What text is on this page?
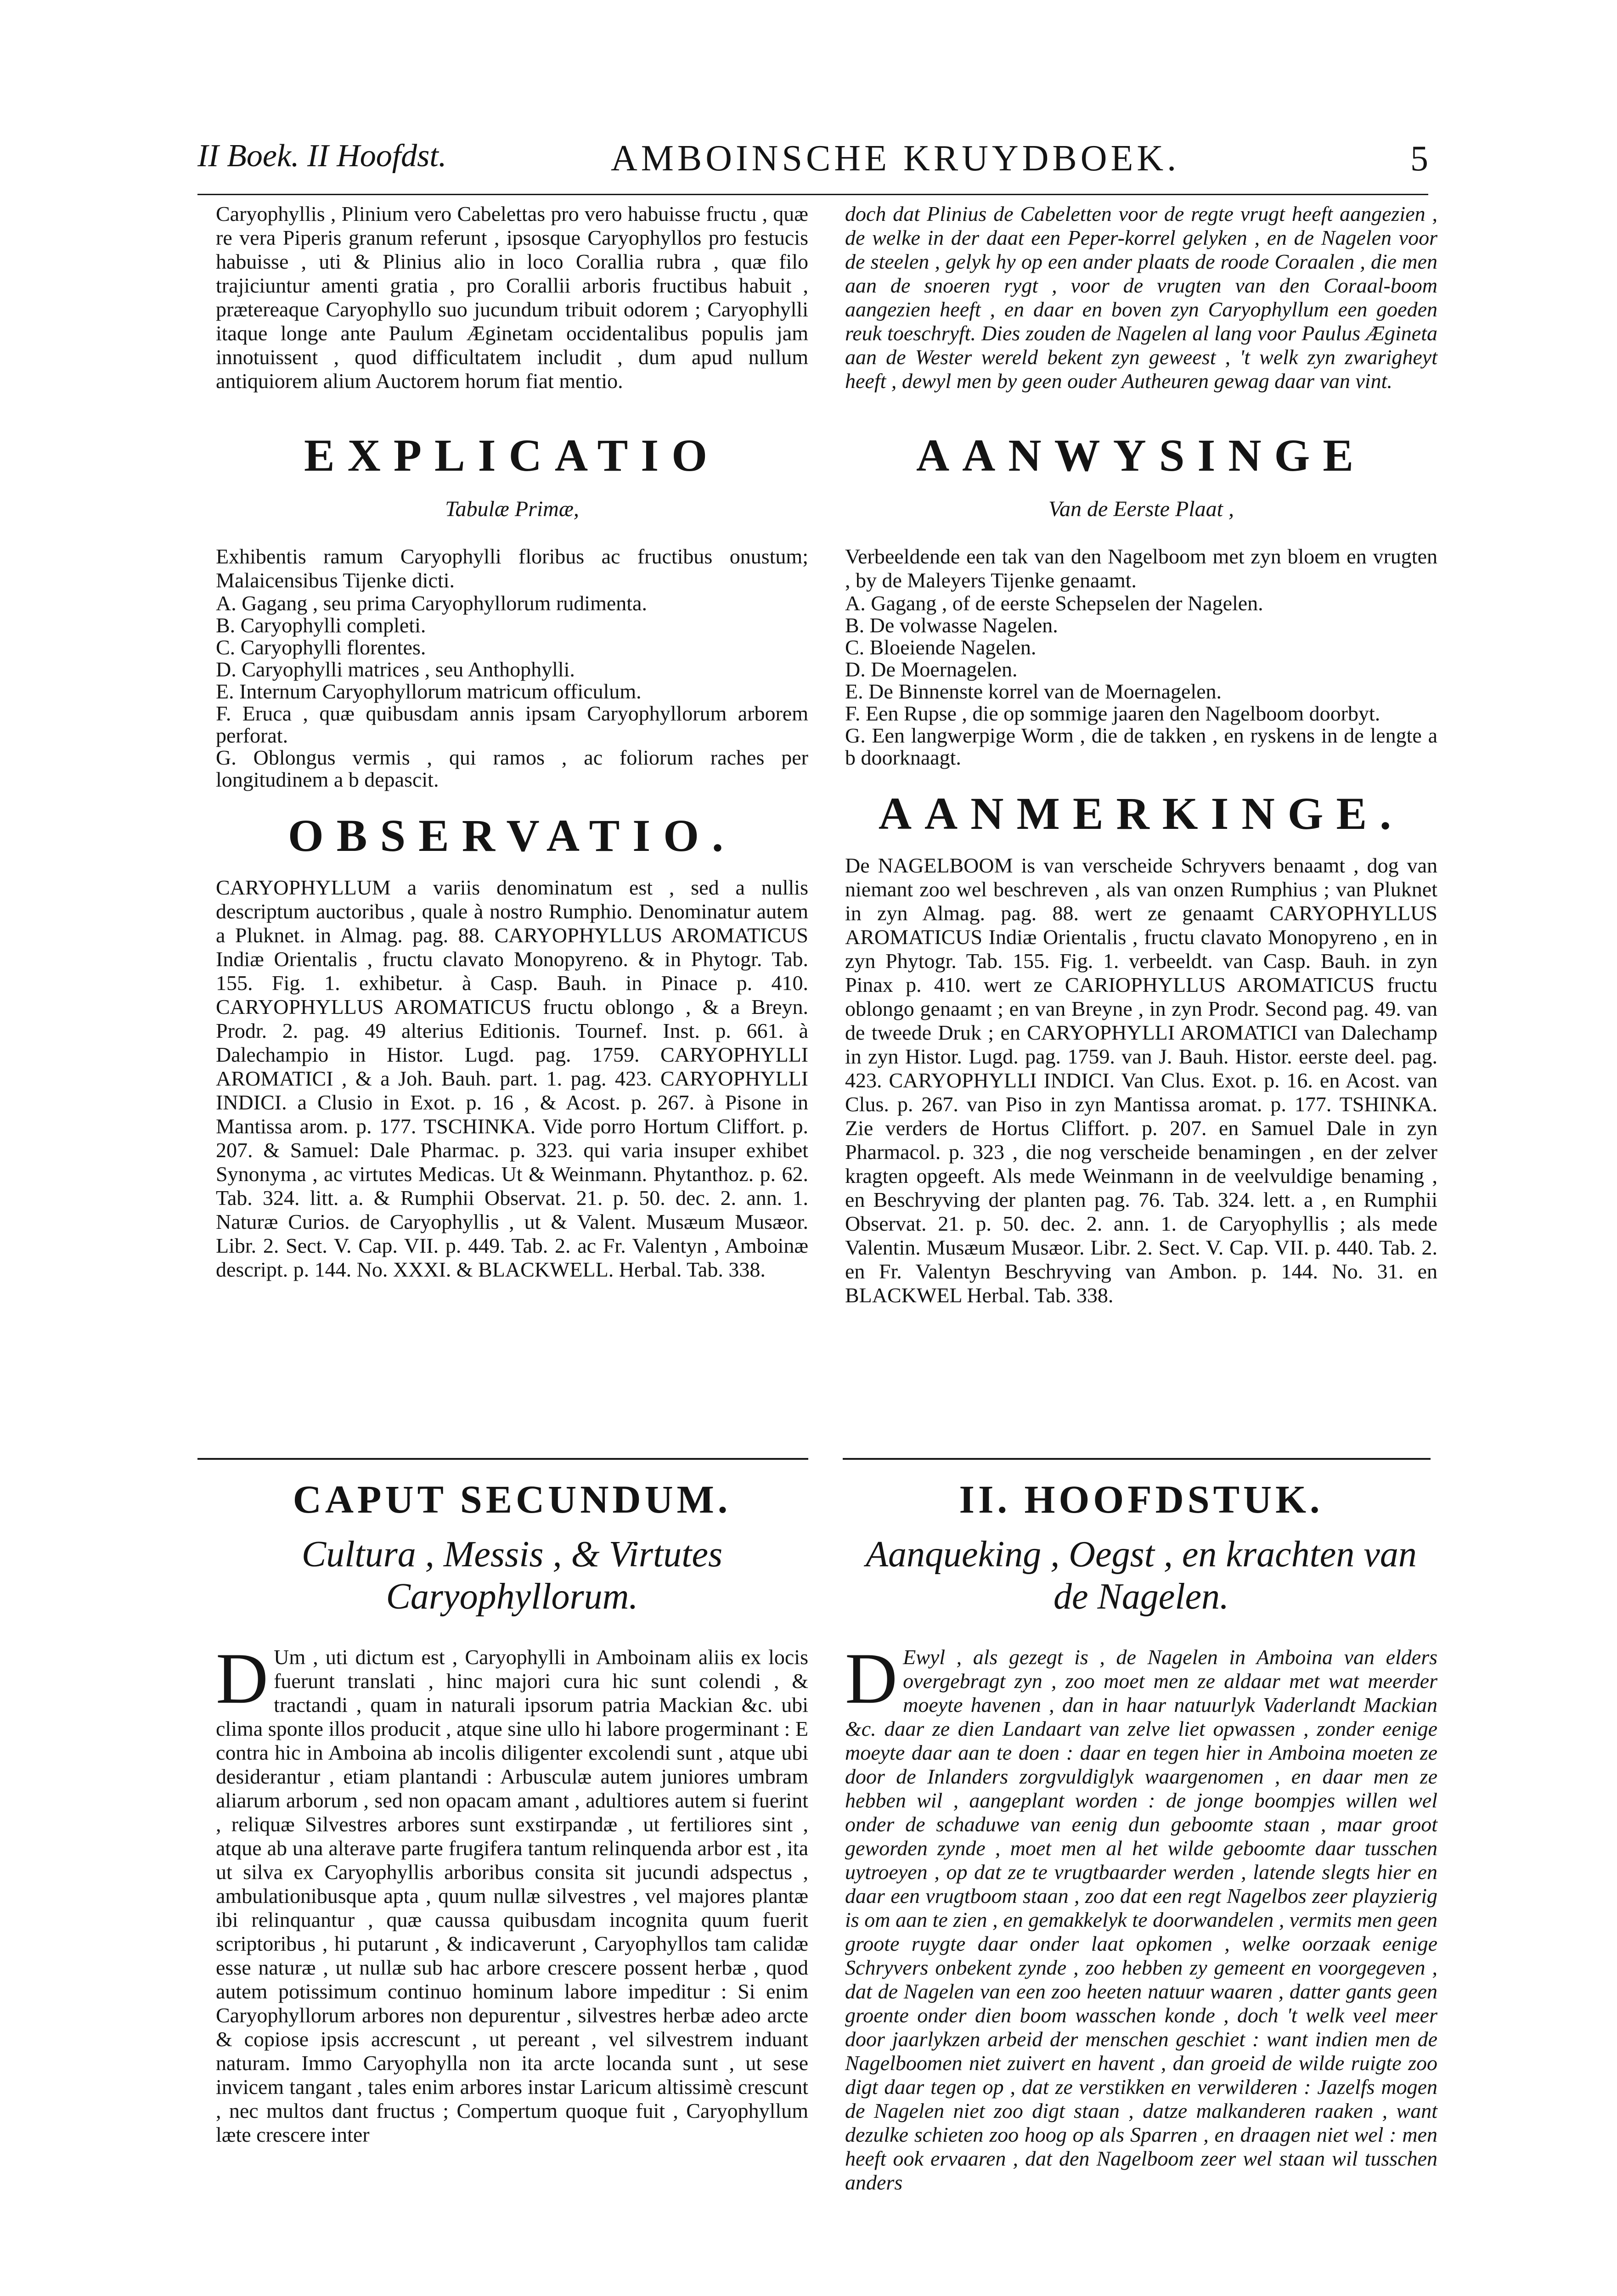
II Boek. II Hoofdst.	AMBOINSCHE KRUYDBOEK.	5

Caryophyllis , Plinium vero Cabelettas pro vero habuisse fructu , quæ re vera Piperis granum referunt , ipsosque Caryophyllos pro festucis habuisse , uti & Plinius alio in loco Corallia rubra , quæ filo trajiciuntur amenti gratia , pro Corallii arboris fructibus habuit , prætereaque Caryophyllo suo jucundum tribuit odorem ; Caryophylli itaque longe ante Paulum Æginetam occidentalibus populis jam innotuissent , quod difficultatem includit , dum apud nullum antiquiorem alium Auctorem horum fiat mentio.

EXPLICATIO

Tabulæ Primæ,

Exhibentis ramum Caryophylli floribus ac fructibus onustum; Malaicensibus Tijenke dicti.

A. Gagang , seu prima Caryophyllorum rudimenta.
B. Caryophylli completi.
C. Caryophylli florentes.
D. Caryophylli matrices , seu Anthophylli.
E. Internum Caryophyllorum matricum officulum.
F. Eruca , quæ quibusdam annis ipsam Caryophyllorum arborem perforat.
G. Oblongus vermis , qui ramos , ac foliorum raches per longitudinem a b depascit.
OBSERVATIO.

CARYOPHYLLUM a variis denominatum est , sed a nullis descriptum auctoribus , quale à nostro Rumphio. Denominatur autem a Pluknet. in Almag. pag. 88. CARYOPHYLLUS AROMATICUS Indiæ Orientalis , fructu clavato Monopyreno. & in Phytogr. Tab. 155. Fig. 1. exhibetur. à Casp. Bauh. in Pinace p. 410. CARYOPHYLLUS AROMATICUS fructu oblongo , & a Breyn. Prodr. 2. pag. 49 alterius Editionis. Tournef. Inst. p. 661. à Dalechampio in Histor. Lugd. pag. 1759. CARYOPHYLLI AROMATICI , & a Joh. Bauh. part. 1. pag. 423. CARYOPHYLLI INDICI. a Clusio in Exot. p. 16 , & Acost. p. 267. à Pisone in Mantissa arom. p. 177. TSCHINKA. Vide porro Hortum Cliffort. p. 207. & Samuel: Dale Pharmac. p. 323. qui varia insuper exhibet Synonyma , ac virtutes Medicas. Ut & Weinmann. Phytanthoz. p. 62. Tab. 324. litt. a. & Rumphii Observat. 21. p. 50. dec. 2. ann. 1. Naturæ Curios. de Caryophyllis , ut & Valent. Musæum Musæor. Libr. 2. Sect. V. Cap. VII. p. 449. Tab. 2. ac Fr. Valentyn , Amboinæ descript. p. 144. No. XXXI. & BLACKWELL. Herbal. Tab. 338.

CAPUT SECUNDUM.

Cultura , Messis , & Virtutes Caryophyllorum.

D Um , uti dictum est , Caryophylli in Amboinam aliis ex locis fuerunt translati , hinc majori cura hic sunt colendi , & tractandi , quam in naturali ipsorum patria Mackian &c. ubi clima sponte illos producit , atque sine ullo hi labore progerminant : E contra hic in Amboina ab incolis diligenter excolendi sunt , atque ubi desiderantur , etiam plantandi : Arbusculæ autem juniores umbram aliarum arborum , sed non opacam amant , adultiores autem si fuerint , reliquæ Silvestres arbores sunt exstirpandæ , ut fertiliores sint , atque ab una alterave parte frugifera tantum relinquenda arbor est , ita ut silva ex Caryophyllis arboribus consita sit jucundi adspectus , ambulationibusque apta , quum nullæ silvestres , vel majores plantæ ibi relinquantur , quæ caussa quibusdam incognita quum fuerit scriptoribus , hi putarunt , & indicaverunt , Caryophyllos tam calidæ esse naturæ , ut nullæ sub hac arbore crescere possent herbæ , quod autem potissimum continuo hominum labore impeditur : Si enim Caryophyllorum arbores non depurentur , silvestres herbæ adeo arcte & copiose ipsis accrescunt , ut pereant , vel silvestrem induant naturam. Immo Caryophylla non ita arcte locanda sunt , ut sese invicem tangant , tales enim arbores instar Laricum altissimè crescunt , nec multos dant fructus ; Compertum quoque fuit , Caryophyllum læte crescere inter

doch dat Plinius de Cabeletten voor de regte vrugt heeft aangezien , de welke in der daat een Peper-korrel gelyken , en de Nagelen voor de steelen , gelyk hy op een ander plaats de roode Coraalen , die men aan de snoeren rygt , voor de vrugten van den Coraal-boom aangezien heeft , en daar en boven zyn Caryophyllum een goeden reuk toeschryft. Dies zouden de Nagelen al lang voor Paulus Ægineta aan de Wester wereld bekent zyn geweest , 't welk zyn zwarigheyt heeft , dewyl men by geen ouder Autheuren gewag daar van vint.

AANWYSINGE

Van de Eerste Plaat ,

Verbeeldende een tak van den Nagelboom met zyn bloem en vrugten , by de Maleyers Tijenke genaamt.

A. Gagang , of de eerste Schepselen der Nagelen.
B. De volwasse Nagelen.
C. Bloeiende Nagelen.
D. De Moernagelen.
E. De Binnenste korrel van de Moernagelen.
F. Een Rupse , die op sommige jaaren den Nagelboom doorbyt.
G. Een langwerpige Worm , die de takken , en ryskens in de lengte a b doorknaagt.
AANMERKINGE.

De NAGELBOOM is van verscheide Schryvers benaamt , dog van niemant zoo wel beschreven , als van onzen Rumphius ; van Pluknet in zyn Almag. pag. 88. wert ze genaamt CARYOPHYLLUS AROMATICUS Indiæ Orientalis , fructu clavato Monopyreno , en in zyn Phytogr. Tab. 155. Fig. 1. verbeeldt. van Casp. Bauh. in zyn Pinax p. 410. wert ze CARIOPHYLLUS AROMATICUS fructu oblongo genaamt ; en van Breyne , in zyn Prodr. Second pag. 49. van de tweede Druk ; en CARYOPHYLLI AROMATICI van Dalechamp in zyn Histor. Lugd. pag. 1759. van J. Bauh. Histor. eerste deel. pag. 423. CARYOPHYLLI INDICI. Van Clus. Exot. p. 16. en Acost. van Clus. p. 267. van Piso in zyn Mantissa aromat. p. 177. TSHINKA. Zie verders de Hortus Cliffort. p. 207. en Samuel Dale in zyn Pharmacol. p. 323 , die nog verscheide benamingen , en der zelver kragten opgeeft. Als mede Weinmann in de veelvuldige benaming , en Beschryving der planten pag. 76. Tab. 324. lett. a , en Rumphii Observat. 21. p. 50. dec. 2. ann. 1. de Caryophyllis ; als mede Valentin. Musæum Musæor. Libr. 2. Sect. V. Cap. VII. p. 440. Tab. 2. en Fr. Valentyn Beschryving van Ambon. p. 144. No. 31. en BLACKWEL Herbal. Tab. 338.

II. HOOFDSTUK.

Aanqueking , Oegst , en krachten van de Nagelen.

D Ewyl , als gezegt is , de Nagelen in Amboina van elders overgebragt zyn , zoo moet men ze aldaar met wat meerder moeyte havenen , dan in haar natuurlyk Vaderlandt Mackian &c. daar ze dien Landaart van zelve liet opwassen , zonder eenige moeyte daar aan te doen : daar en tegen hier in Amboina moeten ze door de Inlanders zorgvuldiglyk waargenomen , en daar men ze hebben wil , aangeplant worden : de jonge boompjes willen wel onder de schaduwe van eenig dun geboomte staan , maar groot geworden zynde , moet men al het wilde geboomte daar tusschen uytroeyen , op dat ze te vrugtbaarder werden , latende slegts hier en daar een vrugtboom staan , zoo dat een regt Nagelbos zeer playzierig is om aan te zien , en gemakkelyk te doorwandelen , vermits men geen groote ruygte daar onder laat opkomen , welke oorzaak eenige Schryvers onbekent zynde , zoo hebben zy gemeent en voorgegeven , dat de Nagelen van een zoo heeten natuur waaren , datter gants geen groente onder dien boom wasschen konde , doch 't welk veel meer door jaarlykzen arbeid der menschen geschiet : want indien men de Nagelboomen niet zuivert en havent , dan groeid de wilde ruigte zoo digt daar tegen op , dat ze verstikken en verwilderen : Jazelfs mogen de Nagelen niet zoo digt staan , datze malkanderen raaken , want dezulke schieten zoo hoog op als Sparren , en draagen niet wel : men heeft ook ervaaren , dat den Nagelboom zeer wel staan wil tusschen anders
